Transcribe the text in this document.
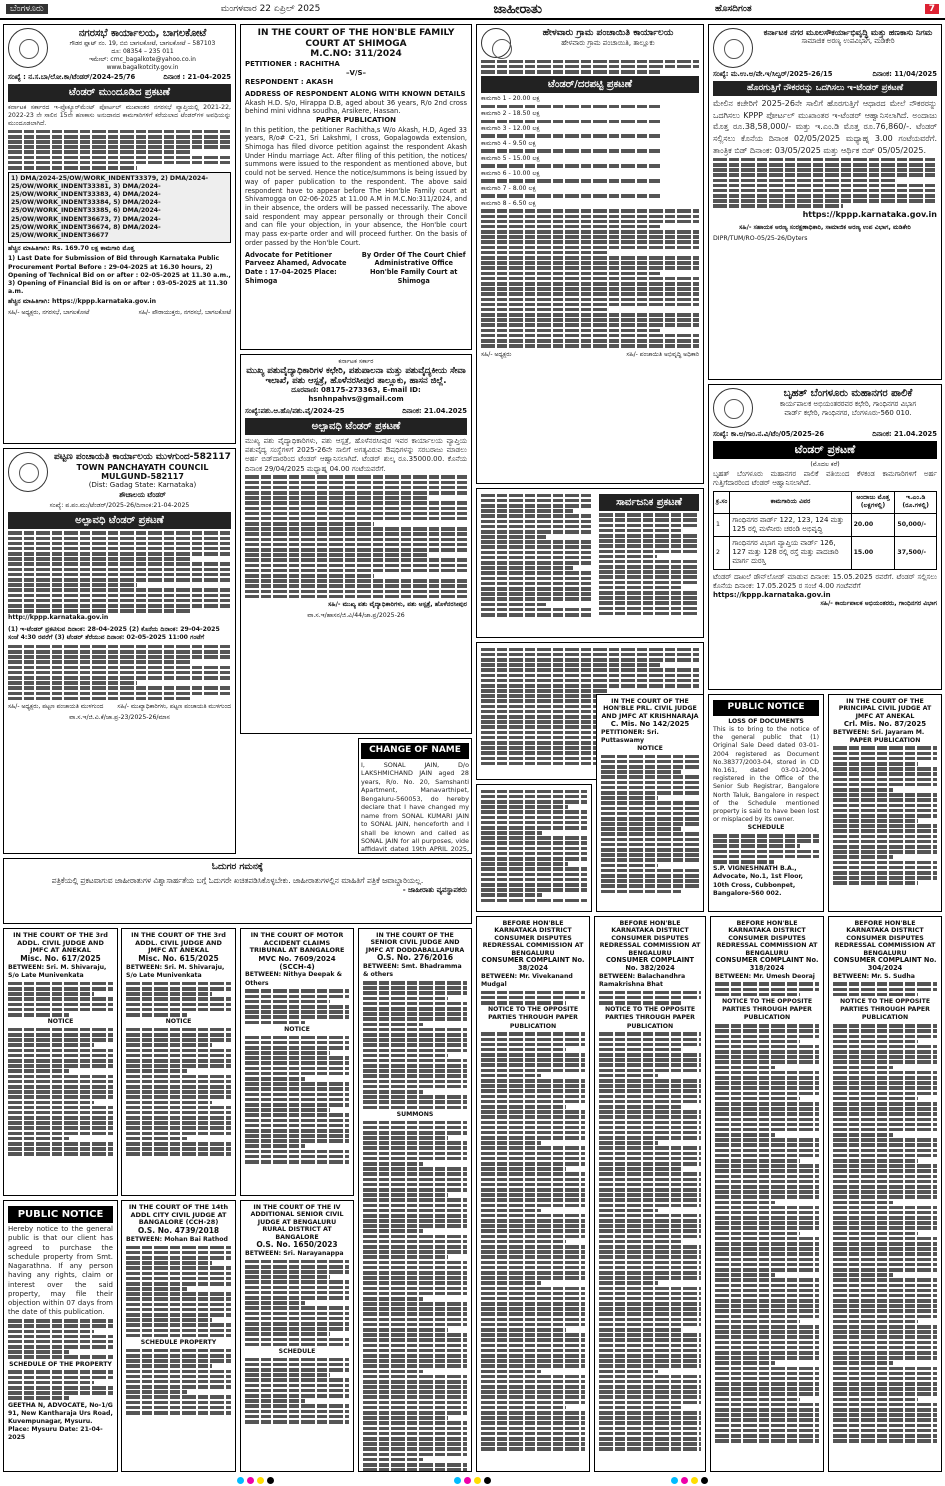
ಬೆಂಗಳೂರು	ಮಂಗಳವಾರ 22 ಏಪ್ರಿಲ್ 2025	ಜಾಹೀರಾತು	ಹೊಸದಿಗಂತ	7
ನಗರಸಭೆ ಕಾರ್ಯಾಲಯ, ಬಾಗಲಕೋಟೆ
ಗೌಡರ ಪ್ಲಾಟ್ ನಂ. 19, ಬಿಬಿ ಬಾಗಲಕೋಟೆ, ಬಾಗಲಕೋಟೆ – 587103
ದೂ: 08354 – 235 011
ಇಮೇಲ್: cmc_bagalkote@yahoo.co.in
www.bagalkotcity.gov.in
ಸಂಖ್ಯೆ : ನ.ಸ.ಬಾ/ಲೋ.ಕಾ/ಟೆಂಡರ್/2024-25/76	ದಿನಾಂಕ : 21-04-2025
ಟೆಂಡರ್ ಮುಂದೂಡಿದ ಪ್ರಕಟಣೆ
ಕರ್ನಾಟಕ ಸರ್ಕಾರದ ಇ-ಪ್ರೊಕ್ಯೂರ್‌ಮೆಂಟ್ ಪೋರ್ಟಲ್ ಮುಖಾಂತರ ನಗರಸಭೆ ವ್ಯಾಪ್ತಿಯಲ್ಲಿ 2021-22, 2022-23 ನೇ ಸಾಲಿನ 15ನೇ ಹಣಕಾಸು ಅನುದಾನದ ಕಾಮಗಾರಿಗಳಿಗೆ ಕರೆಯಲಾದ ಟೆಂಡರ್‌ಗಳ ಅವಧಿಯನ್ನು ಮುಂದೂಡಲಾಗಿದೆ.
1) DMA/2024-25/OW/WORK_INDENT33379, 2) DMA/2024-25/OW/WORK_INDENT33381, 3) DMA/2024-25/OW/WORK_INDENT33383, 4) DMA/2024-25/OW/WORK_INDENT33384, 5) DMA/2024-25/OW/WORK_INDENT33385, 6) DMA/2024-25/OW/WORK_INDENT36673, 7) DMA/2024-25/OW/WORK_INDENT36674, 8) DMA/2024-25/OW/WORK_INDENT36677
ಹೆಚ್ಚಿನ ಮಾಹಿತಿಗಾಗಿ: Rs. 169.70 ಲಕ್ಷ ಕಾಮಗಾರಿ ಮೊತ್ತ
1) Last Date for Submission of Bid through Karnataka Public Procurement Portal Before : 29-04-2025 at 16.30 hours, 2) Opening of Technical Bid on or after : 02-05-2025 at 11.30 a.m., 3) Opening of Financial Bid is on or after : 03-05-2025 at 11.30 a.m.
ಹೆಚ್ಚಿನ ಮಾಹಿತಿಗಾಗಿ: https://kppp.karnataka.gov.in
ಸಹಿ/- ಅಧ್ಯಕ್ಷರು, ನಗರಸಭೆ, ಬಾಗಲಕೋಟೆ	ಸಹಿ/- ಪೌರಾಯುಕ್ತರು, ನಗರಸಭೆ, ಬಾಗಲಕೋಟೆ
ಪಟ್ಟಣ ಪಂಚಾಯತಿ ಕಾರ್ಯಾಲಯ ಮುಳಗುಂದ-582117
TOWN PANCHAYATH COUNCIL MULGUND-582117
(Dist: Gadag State: Karnataka)
ಶೌಚಾಲಯ ಟೆಂಡರ್
ಸಂಖ್ಯೆ: ಪ.ಪಂ.ಮು/ಟೆಂಡರ್/2025-26/ದಿನಾಂಕ:21-04-2025
ಅಲ್ಪಾವಧಿ ಟೆಂಡರ್ ಪ್ರಕಟಣೆ
http://kppp.karnataka.gov.in
(1) ಇ-ಟೆಂಡರ್ ಪ್ರಕಟಿಸುವ ದಿನಾಂಕ: 28-04-2025 (2) ಕೊನೆಯ ದಿನಾಂಕ: 29-04-2025 ಸಂಜೆ 4:30 ರವರೆಗೆ (3) ಟೆಂಡರ್ ತೆರೆಯುವ ದಿನಾಂಕ: 02-05-2025 11:00 ಗಂಟೆಗೆ
ಸಹಿ/- ಅಧ್ಯಕ್ಷರು, ಪಟ್ಟಣ ಪಂಚಾಯತಿ ಮುಳಗುಂದ ಸಹಿ/- ಮುಖ್ಯಾಧಿಕಾರಿಗಳು, ಪಟ್ಟಣ ಪಂಚಾಯತಿ ಮುಳಗುಂದ
ವಾ.ಸ.ಇ/ಜಿ.ವಿ.ಕೆ/ಜಾ.ಪ್ರ-23/2025-26/ಮಾಸ
IN THE COURT OF THE HON'BLE FAMILY COURT AT SHIMOGA
M.C.NO: 311/2024
PETITIONER : RACHITHA
–V/S–
RESPONDENT : AKASH
ADDRESS OF RESPONDENT ALONG WITH KNOWN DETAILS
Akash H.D. S/o, Hirappa D.B, aged about 36 years, R/o 2nd cross behind mini vidhna soudha, Arsikere, Hassan.
PAPER PUBLICATION
In this petition, the petitioner Rachitha,s W/o Akash, H.D, Aged 33 years, R/o# C-21, Sri Lakshmi, I cross, Gopalagowda extension, Shimoga has filed divorce petition against the respondent Akash Under Hindu marriage Act. After filing of this petition, the notices/ summons were issued to the respondent as mentioned above, but could not be served. Hence the notice/summons is being issued by way of paper publication to the respondent. The above said respondent have to appear before The Hon'ble Family court at Shivamogga on 02-06-2025 at 11.00 A.M in M.C.No:311/2024, and in their absence, the orders will be passed necessarily. The above said respondent may appear personally or through their Concil and can file your objection, in your absence, the Hon'ble court may pass ex-parte order and will proceed further. On the basis of order passed by the Hon'ble Court.
Advocate for Petitioner Parveez Ahamed, Advocate Date : 17-04-2025 Place: Shimoga
By Order Of The Court Chief Administrative Office Hon'ble Family Court at Shimoga
ಕರ್ನಾಟಕ ಸರ್ಕಾರ
ಮುಖ್ಯ ಪಶುವೈದ್ಯಾಧಿಕಾರಿಗಳ ಕಛೇರಿ, ಪಶುಪಾಲನಾ ಮತ್ತು ಪಶುವೈದ್ಯಕೀಯ ಸೇವಾ ಇಲಾಖೆ, ಪಶು ಆಸ್ಪತ್ರೆ, ಹೊಳೆನರಸೀಪುರ ತಾಲ್ಲೂಕು, ಹಾಸನ ಜಿಲ್ಲೆ.
ದೂರವಾಣಿ: 08175-273363, E-mail ID: hsnhnpahvs@gmail.com
ಸಂಖ್ಯೆ:ಪಶು.ಆ.ಹೊ/ಪಶು.ವೈ/2024-25	ದಿನಾಂಕ: 21.04.2025
ಅಲ್ಪಾವಧಿ ಟೆಂಡರ್ ಪ್ರಕಟಣೆ
ಮುಖ್ಯ ಪಶು ವೈದ್ಯಾಧಿಕಾರಿಗಳು, ಪಶು ಆಸ್ಪತ್ರೆ, ಹೊಳೆನರಸೀಪುರ ಇವರ ಕಾರ್ಯಾಲಯ ವ್ಯಾಪ್ತಿಯ ಪಶುವೈದ್ಯ ಸಂಸ್ಥೆಗಳಿಗೆ 2025-26ನೇ ಸಾಲಿಗೆ ಅಗತ್ಯವಿರುವ ಔಷಧಿಗಳನ್ನು ಸರಬರಾಜು ಮಾಡಲು ಅರ್ಹ ಬಿಡ್‌ದಾರರಿಂದ ಟೆಂಡರ್ ಆಹ್ವಾನಿಸಲಾಗಿದೆ. ಟೆಂಡರ್ ಶುಲ್ಕ ರೂ.35000.00. ಕೊನೆಯ ದಿನಾಂಕ 29/04/2025 ಮಧ್ಯಾಹ್ನ 04.00 ಗಂಟೆಯವರೆಗೆ.
ಸಹಿ/- ಮುಖ್ಯ ಪಶು ವೈದ್ಯಾಧಿಕಾರಿಗಳು, ಪಶು ಆಸ್ಪತ್ರೆ, ಹೊಳೆನರಸೀಪುರ
ವಾ.ಸ.ಇ/ಹಾಸನ/ಜಿ.ವಿ/44/ಜಾ.ಪ್ರ/2025-26
ಹೇಳವಾರು ಗ್ರಾಮ ಪಂಚಾಯಿತಿ ಕಾರ್ಯಾಲಯ
ಹೇಳವಾರು ಗ್ರಾಮ ಪಂಚಾಯಿತಿ, ತಾಲ್ಲೂಕು
ಟೆಂಡರ್/ದರಪಟ್ಟಿ ಪ್ರಕಟಣೆ
ಕಾಮಗಾರಿ 1 - 20.00 ಲಕ್ಷ
ಕಾಮಗಾರಿ 2 - 18.50 ಲಕ್ಷ
ಕಾಮಗಾರಿ 3 - 12.00 ಲಕ್ಷ
ಕಾಮಗಾರಿ 4 - 9.50 ಲಕ್ಷ
ಕಾಮಗಾರಿ 5 - 15.00 ಲಕ್ಷ
ಕಾಮಗಾರಿ 6 - 10.00 ಲಕ್ಷ
ಕಾಮಗಾರಿ 7 - 8.00 ಲಕ್ಷ
ಕಾಮಗಾರಿ 8 - 6.50 ಲಕ್ಷ
ಸಹಿ/- ಅಧ್ಯಕ್ಷರು	ಸಹಿ/- ಪಂಚಾಯಿತಿ ಅಭಿವೃದ್ಧಿ ಅಧಿಕಾರಿ
ಸಾರ್ವಜನಿಕ ಪ್ರಕಟಣೆ
ಕರ್ನಾಟಕ ನಗರ ಮೂಲಸೌಕರ್ಯಾಭಿವೃದ್ಧಿ ಮತ್ತು ಹಣಕಾಸು ನಿಗಮ
ಸಾಮಾಜಿಕ ಅರಣ್ಯ ಉಪವಿಭಾಗ, ಮಡಿಕೇರಿ
ಸಂಖ್ಯೆ: ಮ.ಉ.ಅ/ವೇ.ಇ/ಸಿಲ್ವರ್/2025-26/15	ದಿನಾಂಕ: 11/04/2025
ಹೊರಗುತ್ತಿಗೆ ನೌಕರರನ್ನು ಒದಗಿಸಲು ಇ-ಟೆಂಡರ್ ಪ್ರಕಟಣೆ
ಮೇಲಿನ ಕಚೇರಿಗೆ 2025-26ನೇ ಸಾಲಿಗೆ ಹೊರಗುತ್ತಿಗೆ ಆಧಾರದ ಮೇಲೆ ನೌಕರರನ್ನು ಒದಗಿಸಲು KPPP ಪೋರ್ಟಲ್ ಮುಖಾಂತರ ಇ-ಟೆಂಡರ್ ಆಹ್ವಾನಿಸಲಾಗಿದೆ. ಅಂದಾಜು ಮೊತ್ತ ರೂ.38,58,000/- ಮತ್ತು ಇ.ಎಂ.ಡಿ ಮೊತ್ತ ರೂ.76,860/-. ಟೆಂಡರ್ ಸಲ್ಲಿಸಲು ಕೊನೆಯ ದಿನಾಂಕ 02/05/2025 ಮಧ್ಯಾಹ್ನ 3.00 ಗಂಟೆಯವರೆಗೆ. ತಾಂತ್ರಿಕ ಬಿಡ್ ದಿನಾಂಕ: 03/05/2025 ಮತ್ತು ಆರ್ಥಿಕ ಬಿಡ್ 05/05/2025.
https://kppp.karnataka.gov.in
ಸಹಿ/- ಸಹಾಯಕ ಅರಣ್ಯ ಸಂರಕ್ಷಣಾಧಿಕಾರಿ, ಸಾಮಾಜಿಕ ಅರಣ್ಯ ಉಪ ವಿಭಾಗ, ಮಡಿಕೇರಿ
DIPR/TUM/RO-05/25-26/Dyters
ಬೃಹತ್ ಬೆಂಗಳೂರು ಮಹಾನಗರ ಪಾಲಿಕೆ
ಕಾರ್ಯಪಾಲಕ ಅಭಿಯಂತರರವರ ಕಛೇರಿ, ಗಾಂಧಿನಗರ ವಿಭಾಗ
ವಾರ್ಡ್ ಕಛೇರಿ, ಗಾಂಧಿನಗರ, ಬೆಂಗಳೂರು-560 010.
ಸಂಖ್ಯೆ: ಕಾ.ಅ/ಗಾಂ.ನ.ವಿ/ಟೆಂ/05/2025-26	ದಿನಾಂಕ: 21.04.2025
ಟೆಂಡರ್ ಪ್ರಕಟಣೆ
(ಮೊದಲ ಕರೆ)
ಬೃಹತ್ ಬೆಂಗಳೂರು ಮಹಾನಗರ ಪಾಲಿಕೆ ವತಿಯಿಂದ ಕೆಳಕಂಡ ಕಾಮಗಾರಿಗಳಿಗೆ ಅರ್ಹ ಗುತ್ತಿಗೆದಾರರಿಂದ ಟೆಂಡರ್ ಆಹ್ವಾನಿಸಲಾಗಿದೆ.
ಕ್ರ.ಸಂ	ಕಾಮಗಾರಿಯ ವಿವರ	ಅಂದಾಜು ಮೊತ್ತ (ಲಕ್ಷಗಳಲ್ಲಿ)	ಇ.ಎಂ.ಡಿ (ರೂ.ಗಳಲ್ಲಿ)
1	ಗಾಂಧಿನಗರ ವಾರ್ಡ್ 122, 123, 124 ಮತ್ತು 125 ರಲ್ಲಿ ಮಳೆನೀರು ಚರಂಡಿ ಅಭಿವೃದ್ಧಿ	20.00	50,000/-
2	ಗಾಂಧಿನಗರ ವಿಭಾಗ ವ್ಯಾಪ್ತಿಯ ವಾರ್ಡ್ 126, 127 ಮತ್ತು 128 ರಲ್ಲಿ ರಸ್ತೆ ಮತ್ತು ಪಾದಚಾರಿ ಮಾರ್ಗ ದುರಸ್ತಿ	15.00	37,500/-
ಟೆಂಡರ್ ದಾಖಲೆ ಡೌನ್‌ಲೋಡ್ ಮಾಡುವ ದಿನಾಂಕ: 15.05.2025 ರವರೆಗೆ. ಟೆಂಡರ್ ಸಲ್ಲಿಸಲು ಕೊನೆಯ ದಿನಾಂಕ: 17.05.2025 ರ ಸಂಜೆ 4.00 ಗಂಟೆವರೆಗೆ
https://kppp.karnataka.gov.in
ಸಹಿ/- ಕಾರ್ಯಪಾಲಕ ಅಭಿಯಂತರರು, ಗಾಂಧಿನಗರ ವಿಭಾಗ
ಓದುಗರ ಗಮನಕ್ಕೆ
ಪತ್ರಿಕೆಯಲ್ಲಿ ಪ್ರಕಟವಾಗುವ ಜಾಹೀರಾತುಗಳ ವಿಶ್ವಾಸಾರ್ಹತೆಯ ಬಗ್ಗೆ ಓದುಗರೇ ಖಚಿತಪಡಿಸಿಕೊಳ್ಳಬೇಕು. ಜಾಹೀರಾತುಗಳಲ್ಲಿನ ಮಾಹಿತಿಗೆ ಪತ್ರಿಕೆ ಜವಾಬ್ದಾರಿಯಲ್ಲ.
- ಜಾಹೀರಾತು ವ್ಯವಸ್ಥಾಪಕರು
CHANGE OF NAME
I, SONAL JAIN, D/o LAKSHMICHAND JAIN aged 28 years, R/o. No. 20, Samshanti Apartment, Manavarthipet, Bengaluru-560053, do hereby declare that I have changed my name from SONAL KUMARI JAIN to SONAL JAIN, henceforth and I shall be known and called as SONAL JAIN for all purposes, vide affidavit dated 19th APRIL 2025,
IN THE COURT OF THE 3rd ADDL. CIVIL JUDGE AND JMFC AT ANEKAL
Misc. No. 617/2025
BETWEEN: Sri. M. Shivaraju, S/o Late Munivenkata
NOTICE
IN THE COURT OF THE 3rd ADDL. CIVIL JUDGE AND JMFC AT ANEKAL
Misc. No. 615/2025
BETWEEN: Sri. M. Shivaraju, S/o Late Munivenkata
NOTICE
IN THE COURT OF MOTOR ACCIDENT CLAIMS TRIBUNAL AT BANGALORE
MVC No. 7609/2024 (SCCH-4)
BETWEEN: Nithya Deepak & Others
NOTICE
IN THE COURT OF THE HON'BLE PRL. CIVIL JUDGE AND JMFC AT KRISHNARAJA
C. Mis. No 142/2025
PETITIONER: Sri. Puttaswamy
NOTICE
PUBLIC NOTICE
LOSS OF DOCUMENTS
This is to bring to the notice of the general public that (1) Original Sale Deed dated 03-01-2004 registered as Document No.38377/2003-04, stored in CD No.161, dated 03-01-2004, registered in the Office of the Senior Sub Registrar, Bangalore North Taluk, Bangalore in respect of the Schedule mentioned property is said to have been lost or misplaced by its owner.
SCHEDULE
S.P. VIGNESHNATH B.A., Advocate, No.1, 1st Floor, 10th Cross, Cubbonpet, Bangalore-560 002.
IN THE COURT OF THE PRINCIPAL CIVIL JUDGE AT JMFC AT ANEKAL
Crl. Mis. No. 87/2025
BETWEEN: Sri. Jayaram M.
PAPER PUBLICATION
BEFORE HON'BLE KARNATAKA DISTRICT CONSUMER DISPUTES REDRESSAL COMMISSION AT BENGALURU
CONSUMER COMPLAINT No. 38/2024
BETWEEN: Mr. Vivekanand Mudgal
NOTICE TO THE OPPOSITE PARTIES THROUGH PAPER PUBLICATION
BEFORE HON'BLE KARNATAKA DISTRICT CONSUMER DISPUTES REDRESSAL COMMISSION AT BENGALURU
CONSUMER COMPLAINT No. 382/2024
BETWEEN: Balachandhra Ramakrishna Bhat
NOTICE TO THE OPPOSITE PARTIES THROUGH PAPER PUBLICATION
BEFORE HON'BLE KARNATAKA DISTRICT CONSUMER DISPUTES REDRESSAL COMMISSION AT BENGALURU
CONSUMER COMPLAINT No. 318/2024
BETWEEN: Mr. Umesh Deoraj
NOTICE TO THE OPPOSITE PARTIES THROUGH PAPER PUBLICATION
BEFORE HON'BLE KARNATAKA DISTRICT CONSUMER DISPUTES REDRESSAL COMMISSION AT BENGALURU
CONSUMER COMPLAINT No. 304/2024
BETWEEN: Mr. S. Sudha
NOTICE TO THE OPPOSITE PARTIES THROUGH PAPER PUBLICATION
PUBLIC NOTICE
Hereby notice to the general public is that our client has agreed to purchase the schedule property from Smt. Nagarathna. If any person having any rights, claim or interest over the said property, may file their objection within 07 days from the date of this publication.
SCHEDULE OF THE PROPERTY
GEETHA N, ADVOCATE, No-1/G 91, New Kantharaja Urs Road, Kuvempunagar, Mysuru. Place: Mysuru Date: 21-04-2025
IN THE COURT OF THE 14th ADDL CITY CIVIL JUDGE AT BANGALORE (CCH-28)
O.S. No. 4739/2018
BETWEEN: Mohan Bai Rathod
SCHEDULE PROPERTY
IN THE COURT OF THE IV ADDITIONAL SENIOR CIVIL JUDGE AT BENGALURU RURAL DISTRICT AT BANGALORE
O.S. No. 1650/2023
BETWEEN: Sri. Narayanappa
SCHEDULE
IN THE COURT OF THE SENIOR CIVIL JUDGE AND JMFC AT DODDABALLAPURA
O.S. No. 276/2016
BETWEEN: Smt. Bhadramma & others
SUMMONS
